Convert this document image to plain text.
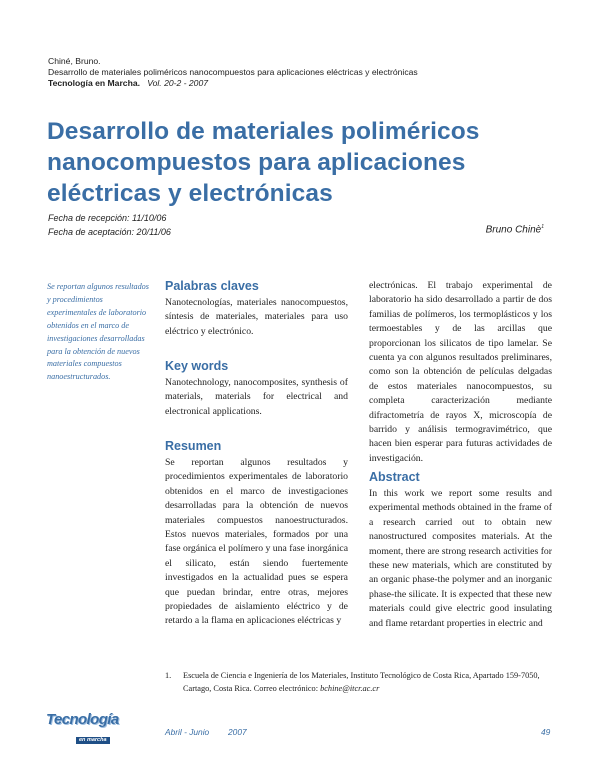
Chiné, Bruno.
Desarrollo de materiales poliméricos nanocompuestos para aplicaciones eléctricas y electrónicas
Tecnología en Marcha. Vol. 20-2 - 2007
Desarrollo de materiales poliméricos nanocompuestos para aplicaciones eléctricas y electrónicas
Fecha de recepción: 11/10/06
Fecha de aceptación: 20/11/06	Bruno Chinè$^1$
Se reportan algunos resultados y procedimientos experimentales de laboratorio obtenidos en el marco de investigaciones desarrolladas para la obtención de nuevos materiales compuestos nanoestructurados.

Palabras claves

Nanotecnologías, materiales nanocompuestos, síntesis de materiales, materiales para uso eléctrico y electrónico.

Key words

Nanotechnology, nanocomposites, synthesis of materials, materials for electrical and electronical applications.

Resumen

Se reportan algunos resultados y procedimientos experimentales de laboratorio obtenidos en el marco de investigaciones desarrolladas para la obtención de nuevos materiales compuestos nanoestructurados. Estos nuevos materiales, formados por una fase orgánica el polímero y una fase inorgánica el silicato, están siendo fuertemente investigados en la actualidad pues se espera que puedan brindar, entre otras, mejores propiedades de aislamiento eléctrico y de retardo a la flama en aplicaciones eléctricas y

electrónicas. El trabajo experimental de laboratorio ha sido desarrollado a partir de dos familias de polímeros, los termoplásticos y los termoestables y de las arcillas que proporcionan los silicatos de tipo lamelar. Se cuenta ya con algunos resultados preliminares, como son la obtención de películas delgadas de estos materiales nanocompuestos, su completa caracterización mediante difractometría de rayos X, microscopía de barrido y análisis termogravimétrico, que hacen bien esperar para futuras actividades de investigación.

Abstract

In this work we report some results and experimental methods obtained in the frame of a research carried out to obtain new nanostructured composites materials. At the moment, there are strong research activities for these new materials, which are constituted by an organic phase-the polymer and an inorganic phase-the silicate. It is expected that these new materials could give electric good insulating and flame retardant properties in electric and

1.	Escuela de Ciencia e Ingeniería de los Materiales, Instituto Tecnológico de Costa Rica, Apartado 159-7050, Cartago, Costa Rica. Correo electrónico: bchine@itcr.ac.cr
Tecnología
en marcha
Abril - Junio 2007	49
